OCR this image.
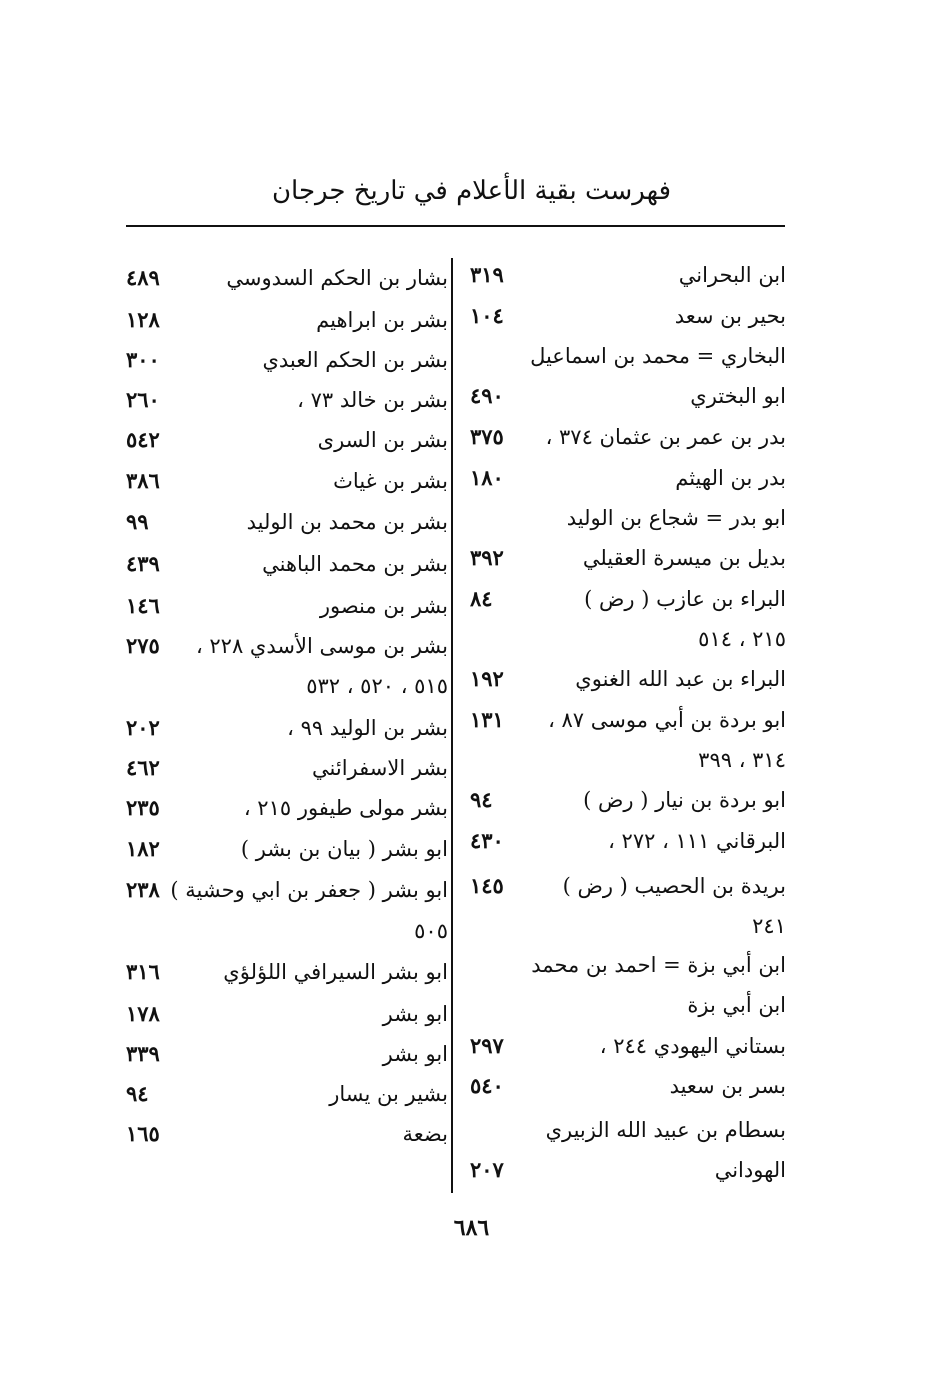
فهرست بقية الأعلام في تاريخ جرجان
ابن البحراني
٣١٩
بحير بن سعد
١٠٤
البخاري = محمد بن اسماعيل
ابو البختري
٤٩٠
بدر بن عمر بن عثمان ٣٧٤ ،
٣٧٥
بدر بن الهيثم
١٨٠
ابو بدر = شجاع بن الوليد
بديل بن ميسرة العقيلي
٣٩٢
البراء بن عازب ( رض )
٨٤
٢١٥ ، ٥١٤
البراء بن عبد الله الغنوي
١٩٢
ابو بردة بن أبي موسى ٨٧ ،
١٣١
٣١٤ ، ٣٩٩
ابو بردة بن نيار ( رض )
٩٤
البرقاني ١١١ ، ٢٧٢ ،
٤٣٠
بريدة بن الحصيب ( رض )
١٤٥
٢٤١
ابن أبي بزة = احمد بن محمد
ابن أبي بزة
بستاني اليهودي ٢٤٤ ،
٢٩٧
بسر بن سعيد
٥٤٠
بسطام بن عبيد الله الزبيري
الهوداني
٢٠٧
بشار بن الحكم السدوسي
٤٨٩
بشر بن ابراهيم
١٢٨
بشر بن الحكم العبدي
٣٠٠
بشر بن خالد ٧٣ ،
٢٦٠
بشر بن السرى
٥٤٢
بشر بن غياث
٣٨٦
بشر بن محمد بن الوليد
٩٩
بشر بن محمد الباهني
٤٣٩
بشر بن منصور
١٤٦
بشر بن موسى الأسدي ٢٢٨ ،
٢٧٥
٥١٥ ، ٥٢٠ ، ٥٣٢
بشر بن الوليد ٩٩ ،
٢٠٢
بشر الاسفرائني
٤٦٢
بشر مولى طيفور ٢١٥ ،
٢٣٥
ابو بشر ( بيان بن بشر )
١٨٢
ابو بشر ( جعفر بن ابي وحشية )
٢٣٨
٥٠٥
ابو بشر السيرافي اللؤلؤي
٣١٦
ابو بشر
١٧٨
ابو بشر
٣٣٩
بشير بن يسار
٩٤
بضعة
١٦٥
٦٨٦
